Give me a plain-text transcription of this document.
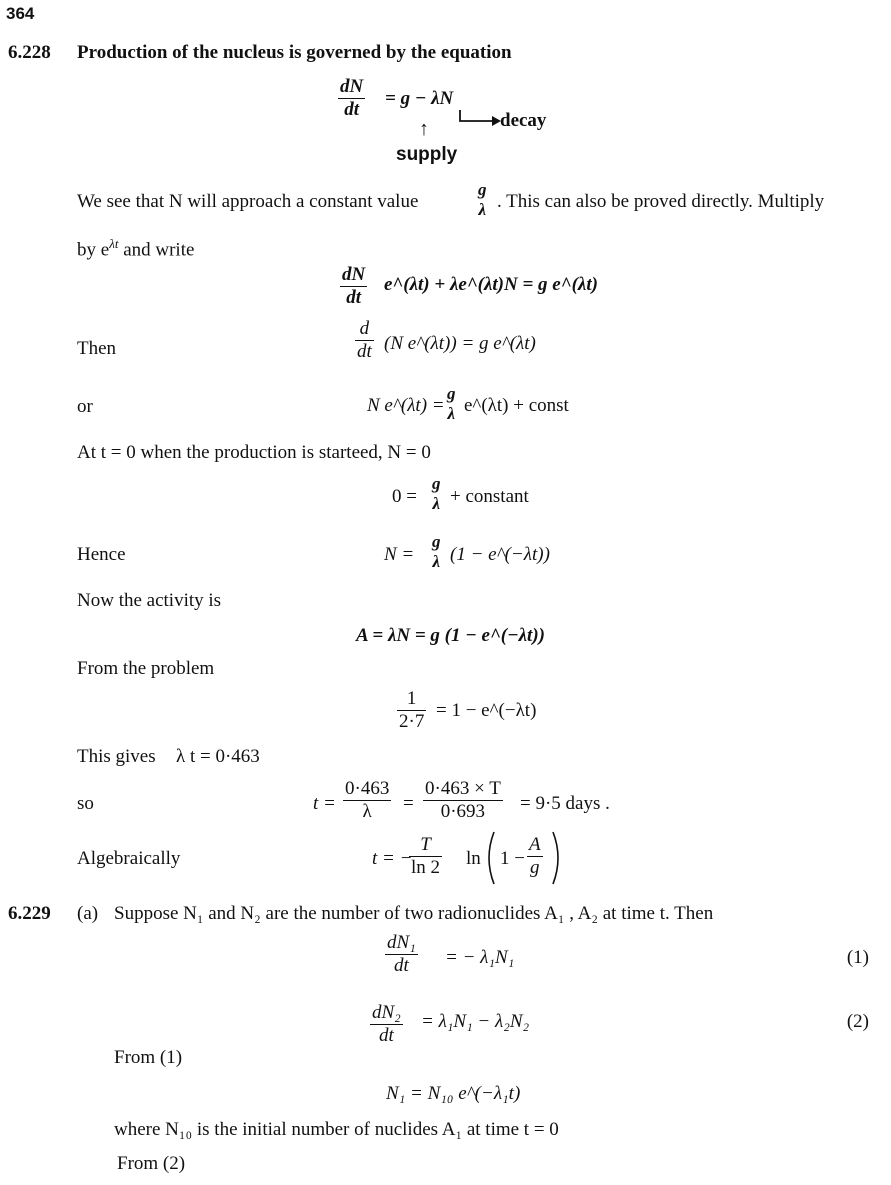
364
6.228 Production of the nucleus is governed by the equation
$\frac{dN}{dt} = g - \lambda N$
decay
↑
supply
We see that N will approach a constant value
g
λ . This can also be proved directly. Multiply
by $e^{\lambda t}$ and write
$\frac{dN}{dt}$ e^(λt) + λe^(λt)N = g e^(λt)
Then	$\frac{d}{dt} (N$ e^(λt)) = g e^(λt)
or	N e^(λt) =
g
λ e^(λt) + const
At t = 0 when the production is starteed, N = 0
0 =
g
λ + constant
Hence	N =
g
λ (1 − e^(−λt))
Now the activity is
A = λN = g (1 − e^(−λt))
From the problem
$\frac{1}{2\cdot 7} = 1$ − e^(−λt)
This gives λ t = 0·463
so	$t = \frac{0\cdot 463}{\lambda} = \frac{0\cdot 463 \times T}{0\cdot 693} = 9\cdot 5$ days .
Algebraically	t = −
$\frac{T}{\ln 2}$ $\ln 1 - \frac{A}{g}$
6.229 (a) Suppose N₁ and N₂ are the number of two radionuclides A₁ , A₂ at time t. Then
$\frac{\text{dN₁}}{dt}$ = − λ₁N₁	(1)
$\frac{\text{dN₂}}{dt} = \lambda_1N_1 - \lambda_2N_2$	(2)
From (1)
N₁ = N₁₀ e^(−λ₁t)
where N₁₀ is the initial number of nuclides A₁ at time t = 0
From (2)
